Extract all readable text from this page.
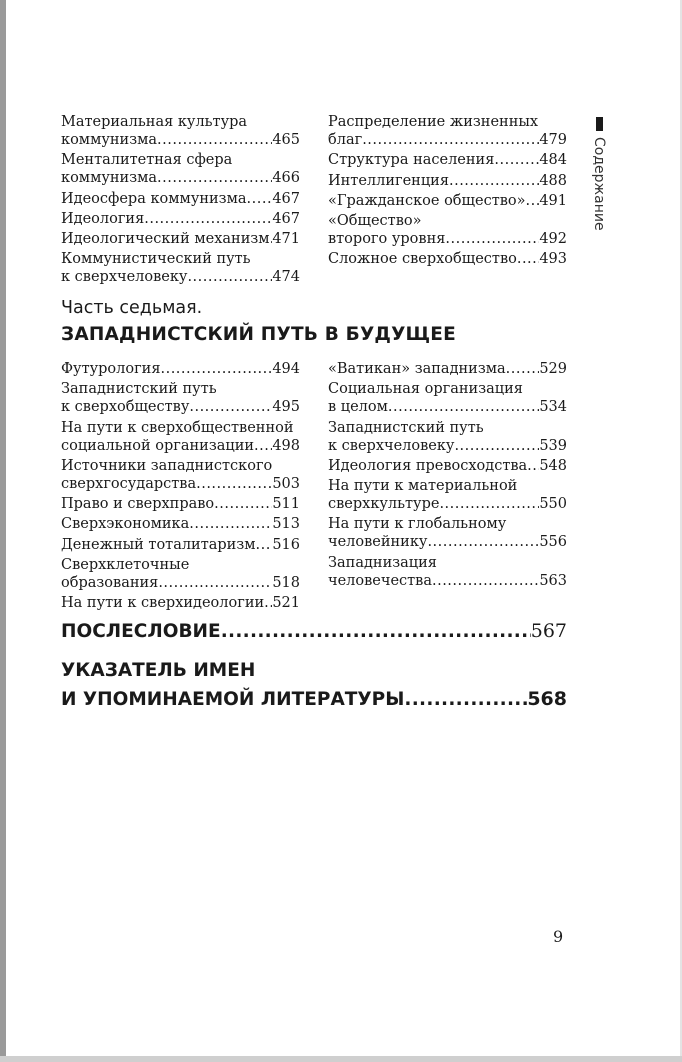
Содержание
Материальная культура
коммунизма .....	465
Менталитетная сфера
коммунизма .....	466
Идеосфера коммунизма ..... 467
Идеология .....	467
Идеологический механизм ..... 471
Коммунистический путь
к сверхчеловеку .....	474
Распределение жизненных
благ .....	479
Структура населения .....	484
Интеллигенция .....	488
«Гражданское общество» ..... 491
«Общество»
второго уровня .....	492
Сложное сверхобщество ..... 493
Часть седьмая.
ЗАПАДНИСТСКИЙ ПУТЬ В БУДУЩЕЕ
Футурология .....	494
Западнистский путь
к сверхобществу .....	495
На пути к сверхобщественной
социальной организации ..... 498
Источники западнистского
сверхгосударства .....	503
Право и сверхправо .....	511
Сверхэкономика .....	513
Денежный тоталитаризм ..... 516
Сверхклеточные
образования .....	518
На пути к сверхидеологии ..... 521
«Ватикан» западнизма ..... 529
Социальная организация
в целом .....	534
Западнистский путь
к сверхчеловеку .....	539
Идеология превосходства ..... 548
На пути к материальной
сверхкультуре .....	550
На пути к глобальному
человейнику .....	556
Западнизация
человечества .....	563
ПОСЛЕСЛОВИЕ .....	567
УКАЗАТЕЛЬ ИМЕН
И УПОМИНАЕМОЙ ЛИТЕРАТУРЫ .....	568
9
